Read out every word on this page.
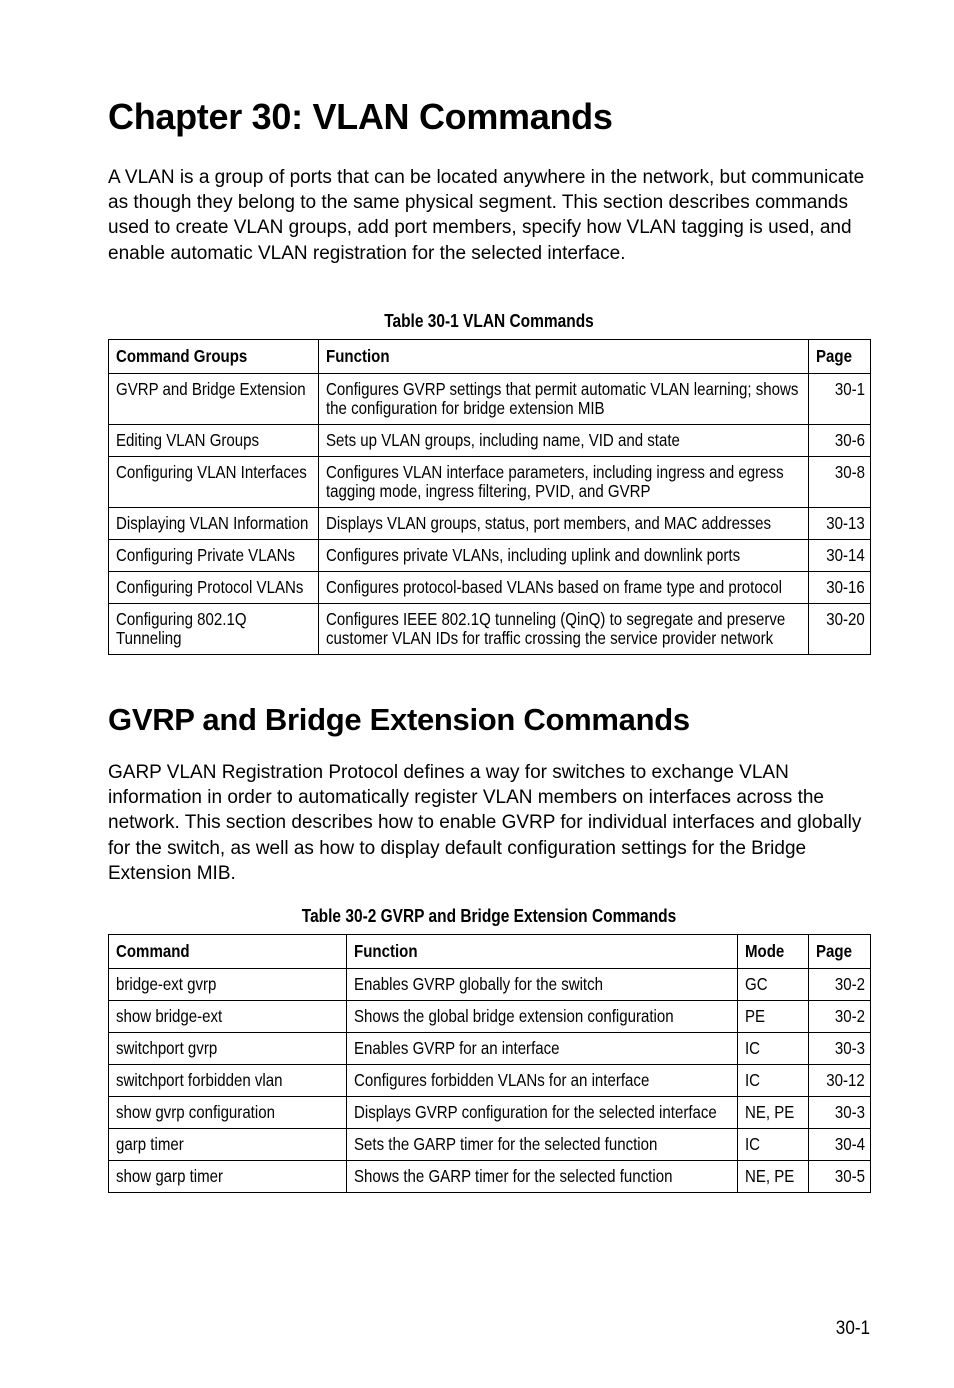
Chapter 30: VLAN Commands

A VLAN is a group of ports that can be located anywhere in the network, but communicate as though they belong to the same physical segment. This section describes commands used to create VLAN groups, add port members, specify how VLAN tagging is used, and enable automatic VLAN registration for the selected interface.

Table 30-1 VLAN Commands
Command Groups	Function	Page
GVRP and Bridge Extension	Configures GVRP settings that permit automatic VLAN learning; shows the configuration for bridge extension MIB	30-1
Editing VLAN Groups	Sets up VLAN groups, including name, VID and state	30-6

Configuring VLAN Interfaces	Configures VLAN interface parameters, including ingress and egress tagging mode, ingress filtering, PVID, and GVRP	30-8

Displaying VLAN Information	Displays VLAN groups, status, port members, and MAC addresses	30-13
Configuring Private VLANs	Configures private VLANs, including uplink and downlink ports	30-14
Configuring Protocol VLANs	Configures protocol-based VLANs based on frame type and protocol	30-16

Configuring 802.1Q Tunneling	Configures IEEE 802.1Q tunneling (QinQ) to segregate and preserve customer VLAN IDs for traffic crossing the service provider network	30-20
GVRP and Bridge Extension Commands

GARP VLAN Registration Protocol defines a way for switches to exchange VLAN information in order to automatically register VLAN members on interfaces across the network. This section describes how to enable GVRP for individual interfaces and globally for the switch, as well as how to display default configuration settings for the Bridge Extension MIB.

Table 30-2 GVRP and Bridge Extension Commands
Command	Function	Mode	Page
bridge-ext gvrp	Enables GVRP globally for the switch	GC	30-2
show bridge-ext	Shows the global bridge extension configuration	PE	30-2
switchport gvrp	Enables GVRP for an interface	IC	30-3
switchport forbidden vlan	Configures forbidden VLANs for an interface	IC	30-12
show gvrp configuration	Displays GVRP configuration for the selected interface	NE, PE	30-3
garp timer	Sets the GARP timer for the selected function	IC	30-4
show garp timer	Shows the GARP timer for the selected function	NE, PE	30-5
30-1
